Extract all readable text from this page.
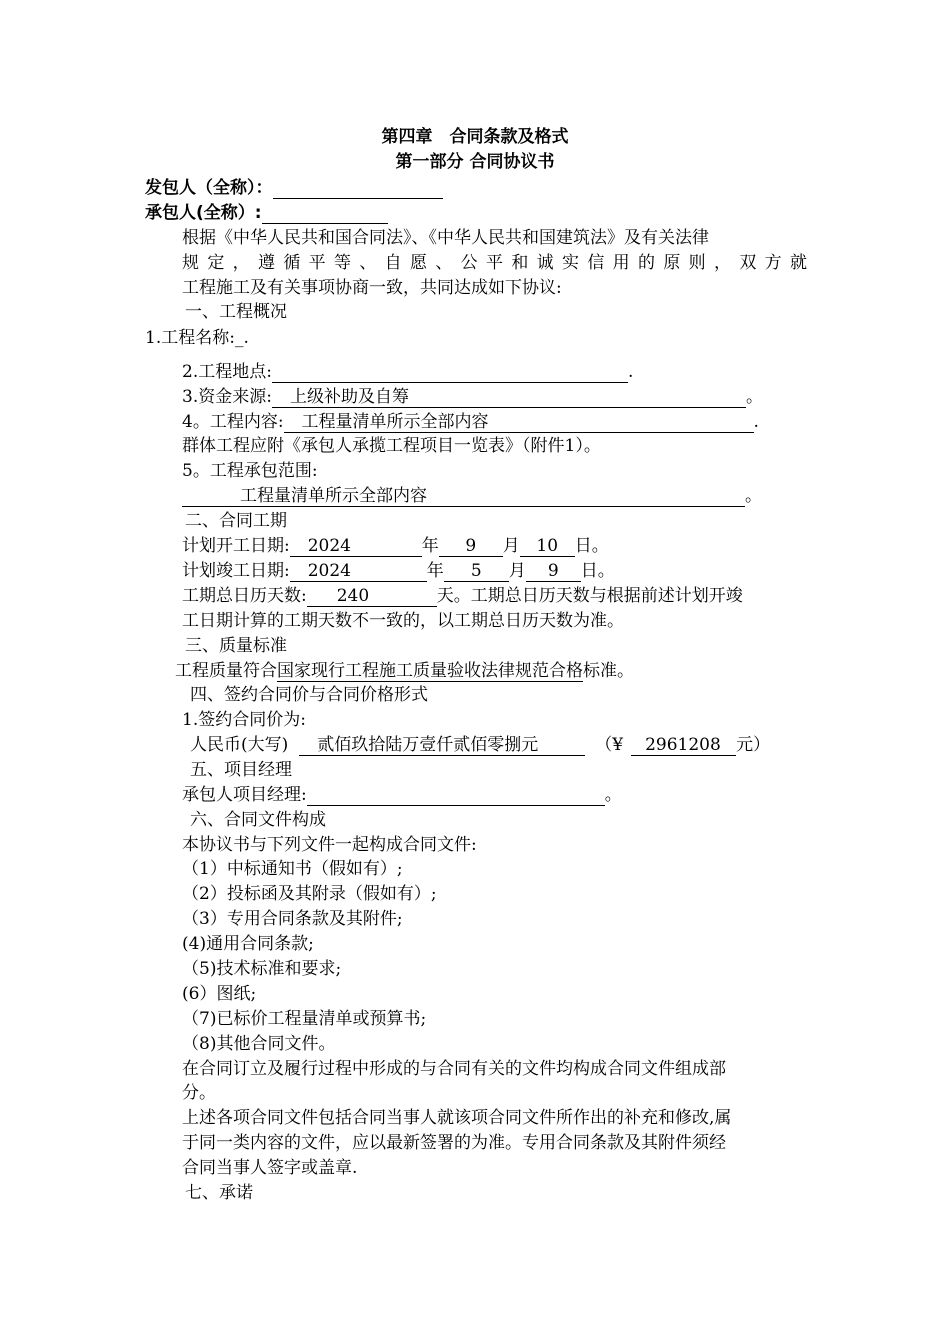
第四章　合同条款及格式
第一部分 合同协议书
发包人（全称）：
承包人(全称）:
根据《中华人民共和国合同法》、《中华人民共和国建筑法》及有关法律
规定，遵循平等、自愿、公平和诚实信用的原则，双方就
工程施工及有关事项协商一致，共同达成如下协议:
一、工程概况
1.工程名称:_.
2.工程地点:	.
3.资金来源: 上级补助及自筹	。
4。工程内容: 工程量清单所示全部内容	.
群体工程应附《承包人承揽工程项目一览表》（附件1）。
5。工程承包范围:
工程量清单所示全部内容	。
二、合同工期
计划开工日期: 2024	年 9 月 10 日。
计划竣工日期: 2024	年 5 月 9 日。
工期总日历天数: 240	天。工期总日历天数与根据前述计划开竣
工日期计算的工期天数不一致的，以工期总日历天数为准。
三、质量标准
工程质量符合国家现行工程施工质量验收法律规范合格标准。
四、签约合同价与合同价格形式
1.签约合同价为:
人民币(大写) 贰佰玖拾陆万壹仟贰佰零捌元	（¥ 2961208 元）
五、项目经理
承包人项目经理:	。
六、合同文件构成
本协议书与下列文件一起构成合同文件:
（1）中标通知书（假如有）;
（2）投标函及其附录（假如有）;
（3）专用合同条款及其附件;
(4)通用合同条款;
（5)技术标准和要求;
(6）图纸;
（7)已标价工程量清单或预算书;
（8)其他合同文件。
在合同订立及履行过程中形成的与合同有关的文件均构成合同文件组成部
分。
上述各项合同文件包括合同当事人就该项合同文件所作出的补充和修改,属
于同一类内容的文件，应以最新签署的为准。专用合同条款及其附件须经
合同当事人签字或盖章.
七、承诺
